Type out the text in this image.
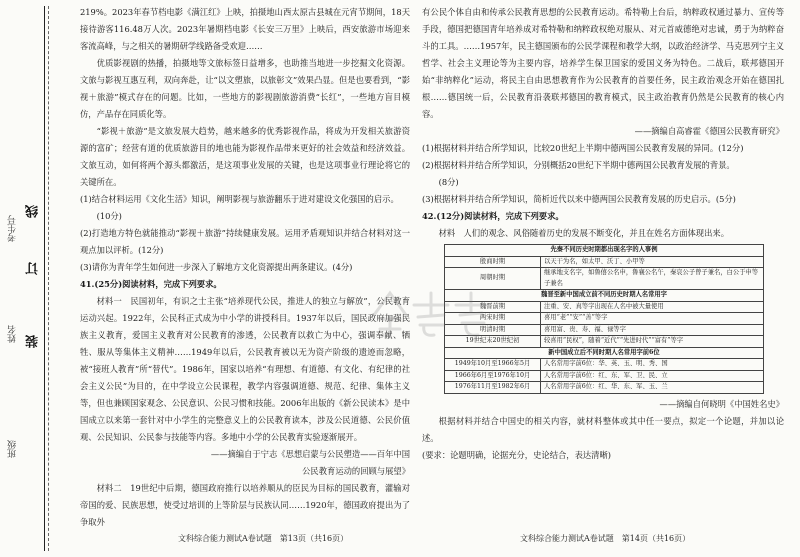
班级
姓名
考生号
装
订
线

219%。2023年春节档电影《满江红》上映，拍摄地山西太原古县城在元宵节期间，18天接待游客116.48万人次。2023年暑期档电影《长安三万里》上映后，西安旅游市场迎来客流高峰，与之相关的暑期研学线路备受欢迎……

优质影视剧的热播，拍摄地等文旅标签日益增多，也助推当地进一步挖掘文化资源。文旅与影视互惠互利，双向奔赴，让“以文塑旅，以旅彰文”效果凸显。但是也要看到，“影视＋旅游”模式存在的问题。比如，一些地方的影视剧旅游消费“长红”，一些地方盲目模仿，产品存在同质化等。

“影视＋旅游”是文旅发展大趋势，越来越多的优秀影视作品，将成为开发相关旅游资源的富矿；经营有道的优质旅游目的地也能为影视作品带来更好的社会效益和经济效益。文旅互动，如何将两个源头都激活，是这项事业发展的关键，也是这项事业行理论将它的关键所在。

(1)结合材料运用《文化生活》知识，阐明影视与旅游翻乐于进对建设文化强国的启示。

(10分)

(2)打造地方特色就能推动“影视＋旅游”持续健康发展。运用矛盾观知识并结合材料对这一观点加以评析。(12分)

(3)请你为青年学生如何进一步深入了解地方文化资源提出两条建议。(4分)

41.(25分)阅读材料，完成下列要求。

材料一　民国初年，有识之士主张“培养现代公民，推进人的独立与解放”，公民教育运动兴起。1922年，公民科正式成为中小学的讲授科目。1937年以后，国民政府加强民族主义教育，爱国主义教育对公民教育的渗透，公民教育以救亡为中心，强调奉献、牺牲、服从等集体主义精神……1949年以后，公民教育被以无为资产阶级的遗迹而忽略，被“接班人教育”所“替代”。1986年，国家以培养“有理想、有道德、有文化、有纪律的社会主义公民”为目的，在中学设立公民课程，教学内容强调道德、规范、纪律、集体主义等，但也兼顾国家观念、公民意识、公民习惯和技能。2006年出版的《新公民读本》是中国成立以来第一套针对中小学生的完整意义上的公民教育读本，涉及公民道德、公民价值观、公民知识、公民参与技能等内容。多地中小学的公民教育实验逐渐展开。

——摘编自于宁志《思想启蒙与公民塑造——百年中国

公民教育运动的回顾与展望》

材料二　19世纪中后期，德国政府推行以培养顺从的臣民为目标的国民教育，灌输对帝国的爱、民族思想，使受过培训的上等阶层与民族认同……1920年，德国政府提出为了争取外

文科综合能力测试A卷试题　第13页（共16页）

有公民个体自由和传承公民教育思想的公民教育运动。希特勒上台后，纳粹政权通过暴力、宣传等手段，德国把德国青年培养成对希特勒和纳粹政权绝对服从、对元首威德绝对忠诚，勇于为纳粹奋斗的工具。……1957年，民主德国颁布的公民学课程和教学大纲，以政治经济学、马克思列宁主义哲学、社会主义理论等为主要内容，培养学生保卫国家的爱国义务为特色。二战后，联邦德国开始“非纳粹化”运动，将民主自由思想教育作为公民教育的首要任务，民主政治观念开始在德国扎根……德国统一后，公民教育沿袭联邦德国的教育模式，民主政治教育仍然是公民教育的核心内容。

——摘编自高睿霍《德国公民教育研究》

(1)根据材料并结合所学知识，比较20世纪上半期中德两国公民教育发展的异同。(12分)

(2)根据材料并结合所学知识，分别概括20世纪下半期中德两国公民教育发展的背景。

(8分)

(3)根据材料并结合所学知识，简析近代以来中德两国公民教育发展的历史启示。(5分)

42.(12分)阅读材料，完成下列要求。

材料　人们的观念、风俗随着历史的发展不断变化，并且在姓名方面体现出来。

先秦不同历史时期都出现名字的人事例	
殷商时期	以天干为名，如太甲、沃丁、小甲等
周朝时期	继承地支名字，如鲁僖公名申，鲁襄公名午，秦哀公子曾子兼名，白公于申等子兼名
魏晋至新中国成立前不同历史时期人名常用字	
魏晋前期	注重、安、真等字出现在人名中被大量使用
两宋时期	喜用“老”“安”“善”等字
明清时期	喜用富、贵、寿、福、禄等字
19世纪末20世纪初	较喜用“民权”，随着“近代”“先进时代”“富有”等字
新中国成立后不同时期人名常用字前6位	
1949年10月至1966年5月	人名常用字前6位：华、英、玉、明、秀、国
1966年6月至1976年10月	人名常用字前6位：红、东、军、卫、民、立
1976年11月至1982年6月	人名常用字前6位：红、华、东、军、玉、兰

——摘编自何晓明《中国姓名史》

根据材料并结合中国史的相关内容，就材料整体或其中任一要点，拟定一个论题，并加以论述。

(要求：论题明确，论据充分，史论结合，表达清晰)

文科综合能力测试A卷试题　第14页（共16页）
